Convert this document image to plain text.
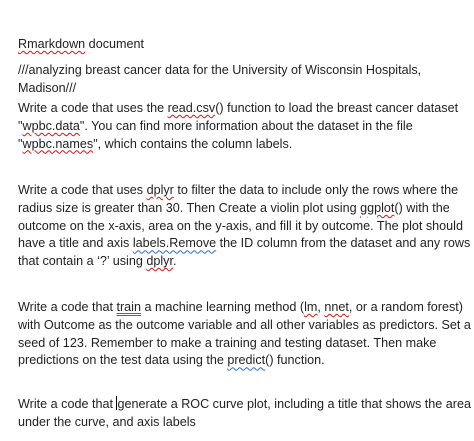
Rmarkdown document

///analyzing breast cancer data for the University of Wisconsin Hospitals,
Madison///

Write a code that uses the read.csv() function to load the breast cancer dataset
"wpbc.data". You can find more information about the dataset in the file
"wpbc.names", which contains the column labels.

Write a code that uses dplyr to filter the data to include only the rows where the
radius size is greater than 30. Then Create a violin plot using ggplot() with the
outcome on the x-axis, area on the y-axis, and fill it by outcome. The plot should
have a title and axis labels.Remove the ID column from the dataset and any rows
that contain a ‘?’ using dplyr.

Write a code that train a machine learning method (lm, nnet, or a random forest)
with Outcome as the outcome variable and all other variables as predictors. Set a
seed of 123. Remember to make a training and testing dataset. Then make
predictions on the test data using the predict() function.

Write a code that generate a ROC curve plot, including a title that shows the area
under the curve, and axis labels
